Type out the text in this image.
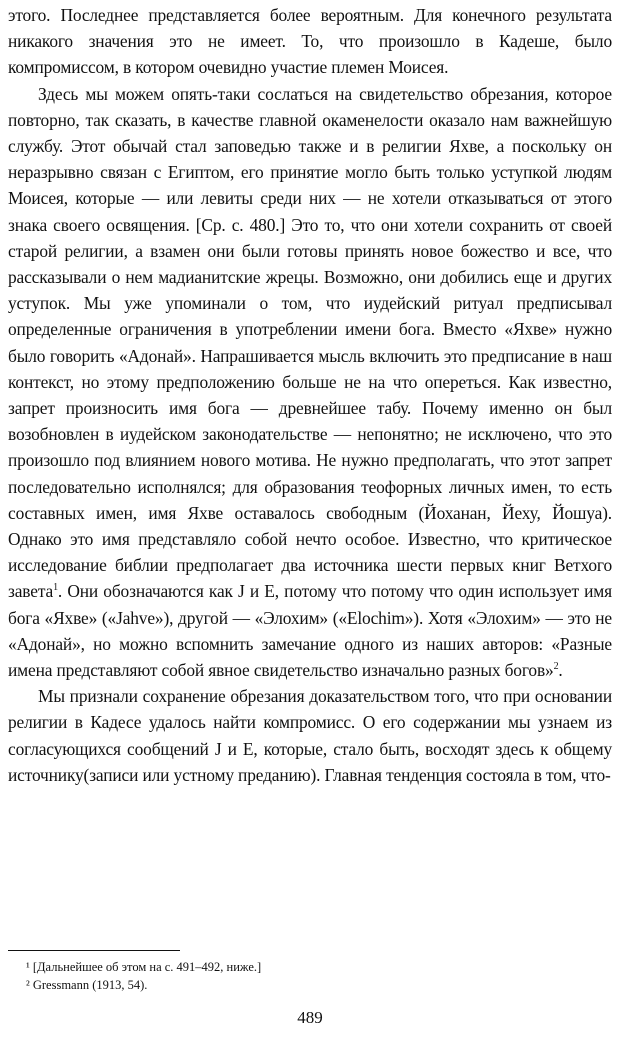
этого. Последнее представляется более вероятным. Для конечного результата никакого значения это не имеет. То, что произошло в Кадеше, было компромиссом, в котором очевидно участие племен Моисея.

Здесь мы можем опять-таки сослаться на свидетельство обрезания, которое повторно, так сказать, в качестве главной окаменелости оказало нам важнейшую службу. Этот обычай стал заповедью также и в религии Яхве, а поскольку он неразрывно связан с Египтом, его принятие могло быть только уступкой людям Моисея, которые — или левиты среди них — не хотели отказываться от этого знака своего освящения. [Ср. с. 480.] Это то, что они хотели сохранить от своей старой религии, а взамен они были готовы принять новое божество и все, что рассказывали о нем мадианитские жрецы. Возможно, они добились еще и других уступок. Мы уже упоминали о том, что иудейский ритуал предписывал определенные ограничения в употреблении имени бога. Вместо «Яхве» нужно было говорить «Адонай». Напрашивается мысль включить это предписание в наш контекст, но этому предположению больше не на что опереться. Как известно, запрет произносить имя бога — древнейшее табу. Почему именно он был возобновлен в иудейском законодательстве — непонятно; не исключено, что это произошло под влиянием нового мотива. Не нужно предполагать, что этот запрет последовательно исполнялся; для образования теофорных личных имен, то есть составных имен, имя Яхве оставалось свободным (Йоханан, Йеху, Йошуа). Однако это имя представляло собой нечто особое. Известно, что критическое исследование библии предполагает два источника шести первых книг Ветхого завета$^1$. Они обозначаются как J и E, потому что потому что один использует имя бога «Яхве» («Jahve»), другой — «Элохим» («Elochim»). Хотя «Элохим» — это не «Адонай», но можно вспомнить замечание одного из наших авторов: «Разные имена представляют собой явное свидетельство изначально разных богов»$^2$.

Мы признали сохранение обрезания доказательством того, что при основании религии в Кадесе удалось найти компромисс. О его содержании мы узнаем из согласующихся сообщений J и E, которые, стало быть, восходят здесь к общему источнику(записи или устному преданию). Главная тенденция состояла в том, что-

¹ [Дальнейшее об этом на с. 491–492, ниже.]
² Gressmann (1913, 54).
489
